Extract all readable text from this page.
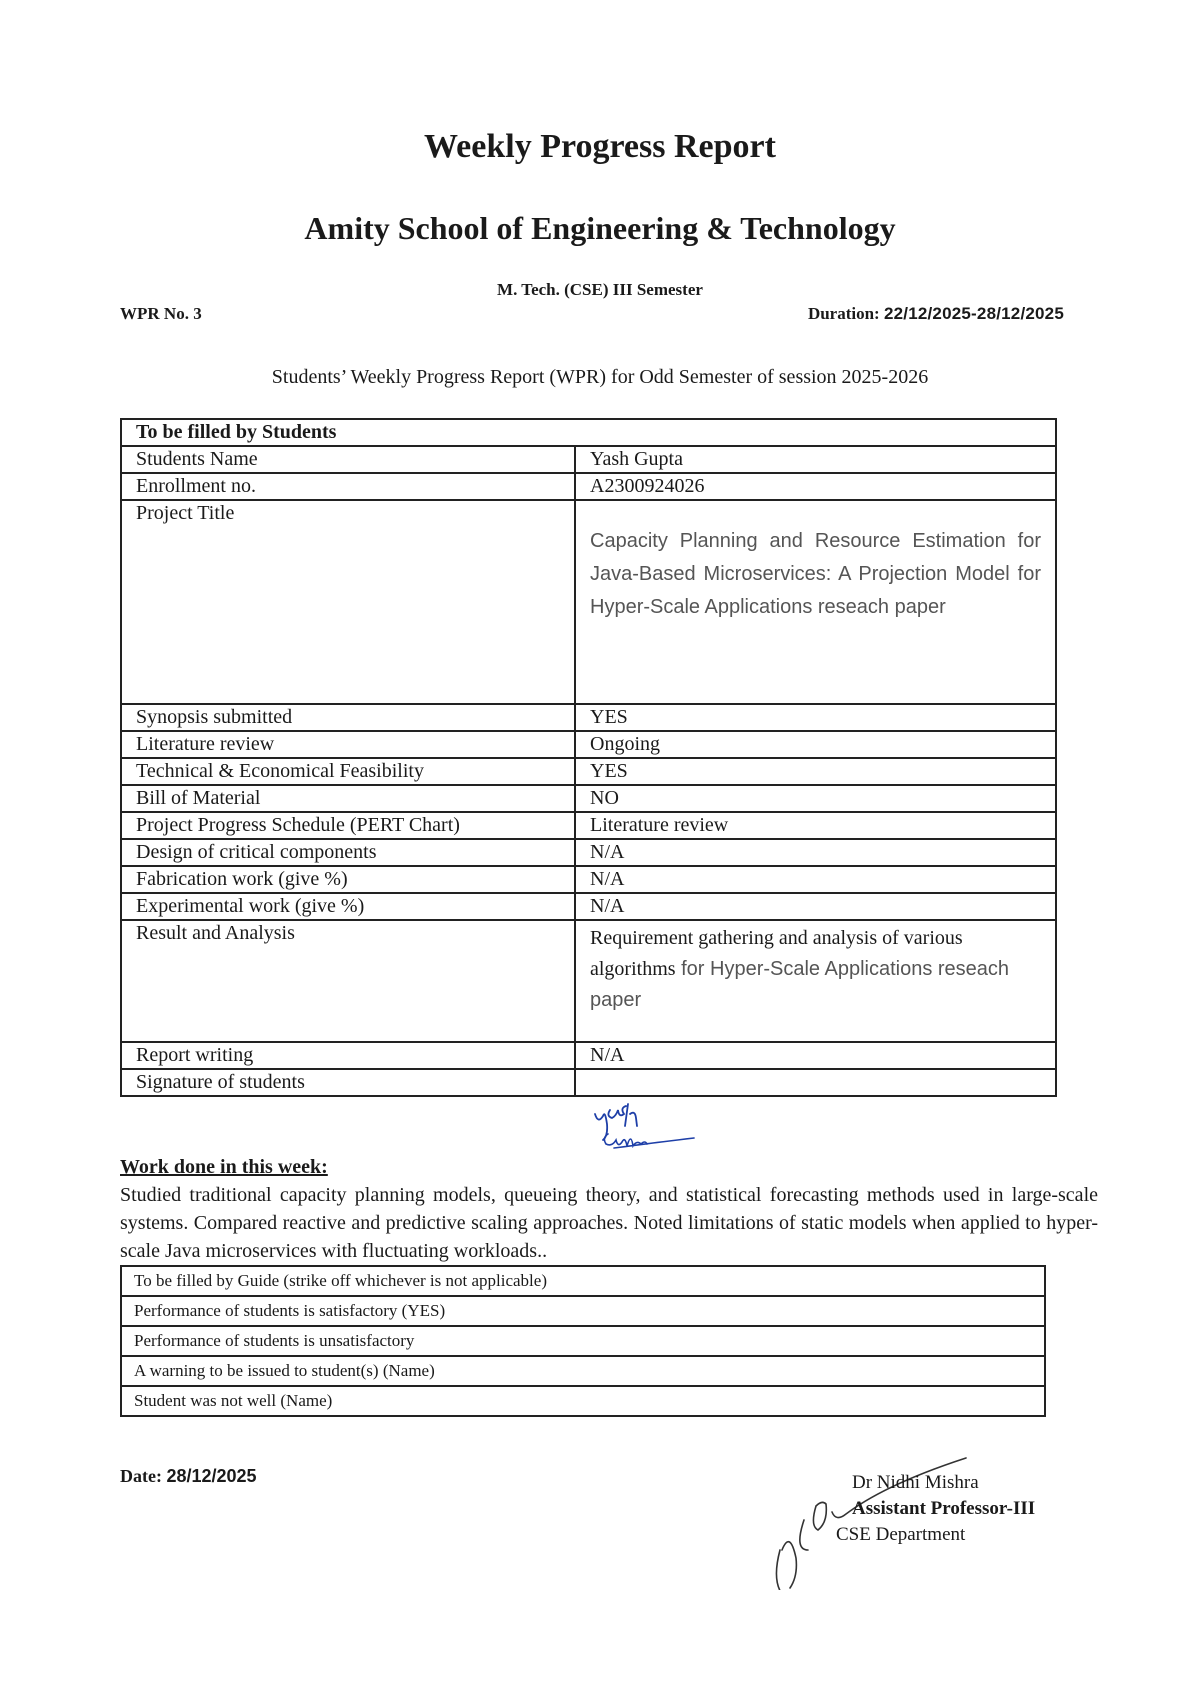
Weekly Progress Report
Amity School of Engineering & Technology
M. Tech. (CSE) III Semester
WPR No. 3	Duration: 22/12/2025-28/12/2025
Students’ Weekly Progress Report (WPR) for Odd Semester of session 2025-2026
To be filled by Students	
Students Name	Yash Gupta
Enrollment no.	A2300924026
Project Title	Capacity Planning and Resource Estimation for Java-Based Microservices: A Projection Model for Hyper-Scale Applications reseach paper
Synopsis submitted	YES
Literature review	Ongoing
Technical & Economical Feasibility	YES
Bill of Material	NO
Project Progress Schedule (PERT Chart)	Literature review
Design of critical components	N/A
Fabrication work (give %)	N/A
Experimental work (give %)	N/A
Result and Analysis	Requirement gathering and analysis of various algorithms for Hyper-Scale Applications reseach paper
Report writing	N/A
Signature of students	
Work done in this week:
Studied traditional capacity planning models, queueing theory, and statistical forecasting methods used in large-scale systems. Compared reactive and predictive scaling approaches. Noted limitations of static models when applied to hyper-scale Java microservices with fluctuating workloads..
To be filled by Guide (strike off whichever is not applicable)
Performance of students is satisfactory (YES)
Performance of students is unsatisfactory
A warning to be issued to student(s) (Name)
Student was not well (Name)
Date: 28/12/2025	Dr Nidhi Mishra
Assistant Professor-III
CSE Department
